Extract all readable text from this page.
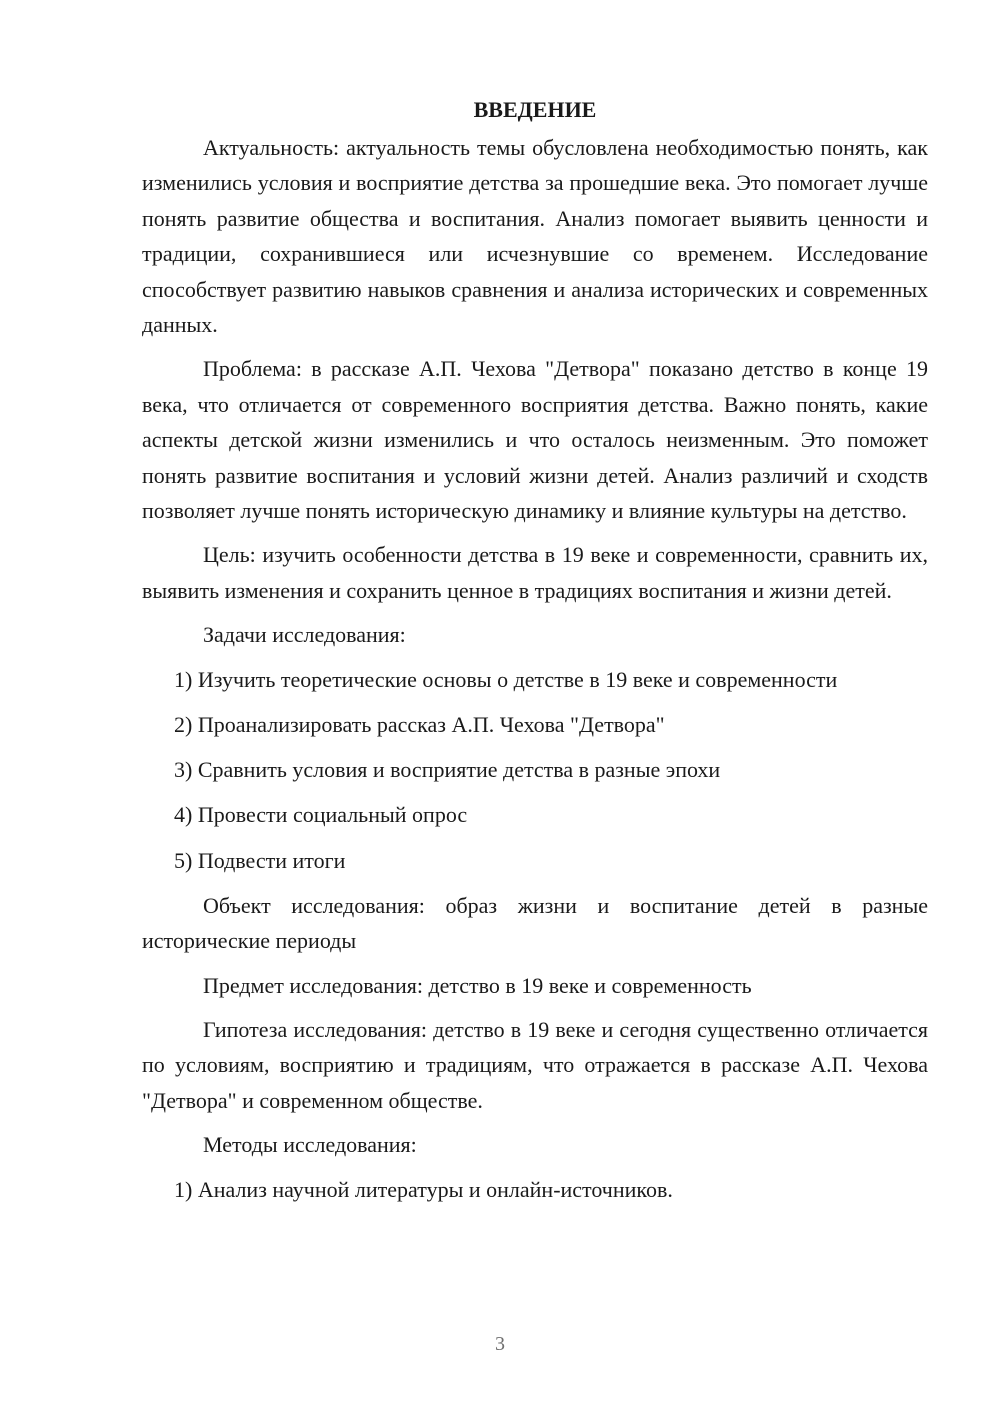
ВВЕДЕНИЕ

Актуальность: актуальность темы обусловлена необходимостью понять, как изменились условия и восприятие детства за прошедшие века. Это помогает лучше понять развитие общества и воспитания. Анализ помогает выявить ценности и традиции, сохранившиеся или исчезнувшие со временем. Исследование способствует развитию навыков сравнения и анализа исторических и современных данных.

Проблема: в рассказе А.П. Чехова "Детвора" показано детство в конце 19 века, что отличается от современного восприятия детства. Важно понять, какие аспекты детской жизни изменились и что осталось неизменным. Это поможет понять развитие воспитания и условий жизни детей. Анализ различий и сходств позволяет лучше понять историческую динамику и влияние культуры на детство.

Цель: изучить особенности детства в 19 веке и современности, сравнить их, выявить изменения и сохранить ценное в традициях воспитания и жизни детей.

Задачи исследования:

1) Изучить теоретические основы о детстве в 19 веке и современности
2) Проанализировать рассказ А.П. Чехова "Детвора"
3) Сравнить условия и восприятие детства в разные эпохи
4) Провести социальный опрос
5) Подвести итоги

Объект исследования: образ жизни и воспитание детей в разные исторические периоды

Предмет исследования: детство в 19 веке и современность

Гипотеза исследования: детство в 19 веке и сегодня существенно отличается по условиям, восприятию и традициям, что отражается в рассказе А.П. Чехова "Детвора" и современном обществе.

Методы исследования:

1) Анализ научной литературы и онлайн-источников.
3
